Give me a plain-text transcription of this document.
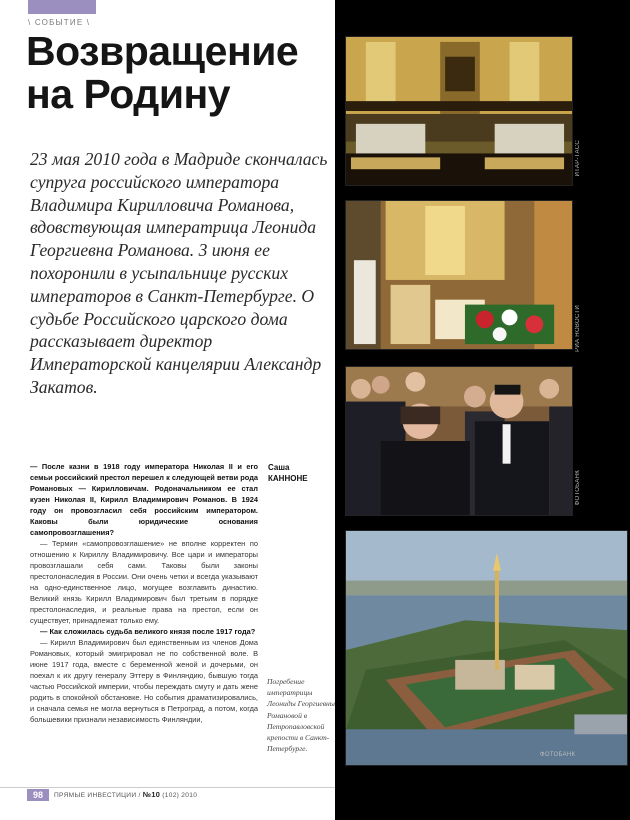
\ СОБЫТИЕ \
Возвращение
на Родину

23 мая 2010 года в Мадриде скончалась супруга российского императора Владимира Кирилловича Романова, вдовствующая императрица Леонида Георгиевна Романова. 3 июня ее похоронили в усыпальнице русских императоров в Санкт-Петербурге. О судьбе Российского царского дома рассказывает директор Императорской канцелярии Александр Закатов.

— После казни в 1918 году императора Николая II и его семьи российский престол перешел к следующей ветви рода Романовых — Кирилловичам. Родоначальником ее стал кузен Николая II, Кирилл Владимирович Романов. В 1924 году он провозгласил себя российским императором. Каковы были юридические основания самопровозглашения?

— Термин «самопровозглашение» не вполне корректен по отношению к Кириллу Владимировичу. Все цари и императоры провозглашали себя сами. Таковы были законы престолонаследия в России. Они очень четки и всегда указывают на одно-единственное лицо, могущее возглавить династию. Великий князь Кирилл Владимирович был третьим в порядке престолонаследия, и реальные права на престол, если он существует, принадлежат только ему.

— Как сложилась судьба великого князя после 1917 года?

— Кирилл Владимирович был единственным из членов Дома Романовых, который эмигрировал не по собственной воле. В июне 1917 года, вместе с беременной женой и дочерьми, он поехал к их другу генералу Эттеру в Финляндию, бывшую тогда частью Российской империи, чтобы переждать смуту и дать жене родить в спокойной обстановке. Но события драматизировались, и сначала семья не могла вернуться в Петроград, а потом, когда большевики признали независимость Финляндии,

Саша
КАННОНЕ

Погребение императрицы Леониды Георгиевны Романовой в Петропавловской крепости в Санкт-Петербурге.

ИТАР-ТАСС
РИА НОВОСТИ
ФОТОБАНК
ФОТОБАНК
98	ПРЯМЫЕ ИНВЕСТИЦИИ / №10 (102) 2010
